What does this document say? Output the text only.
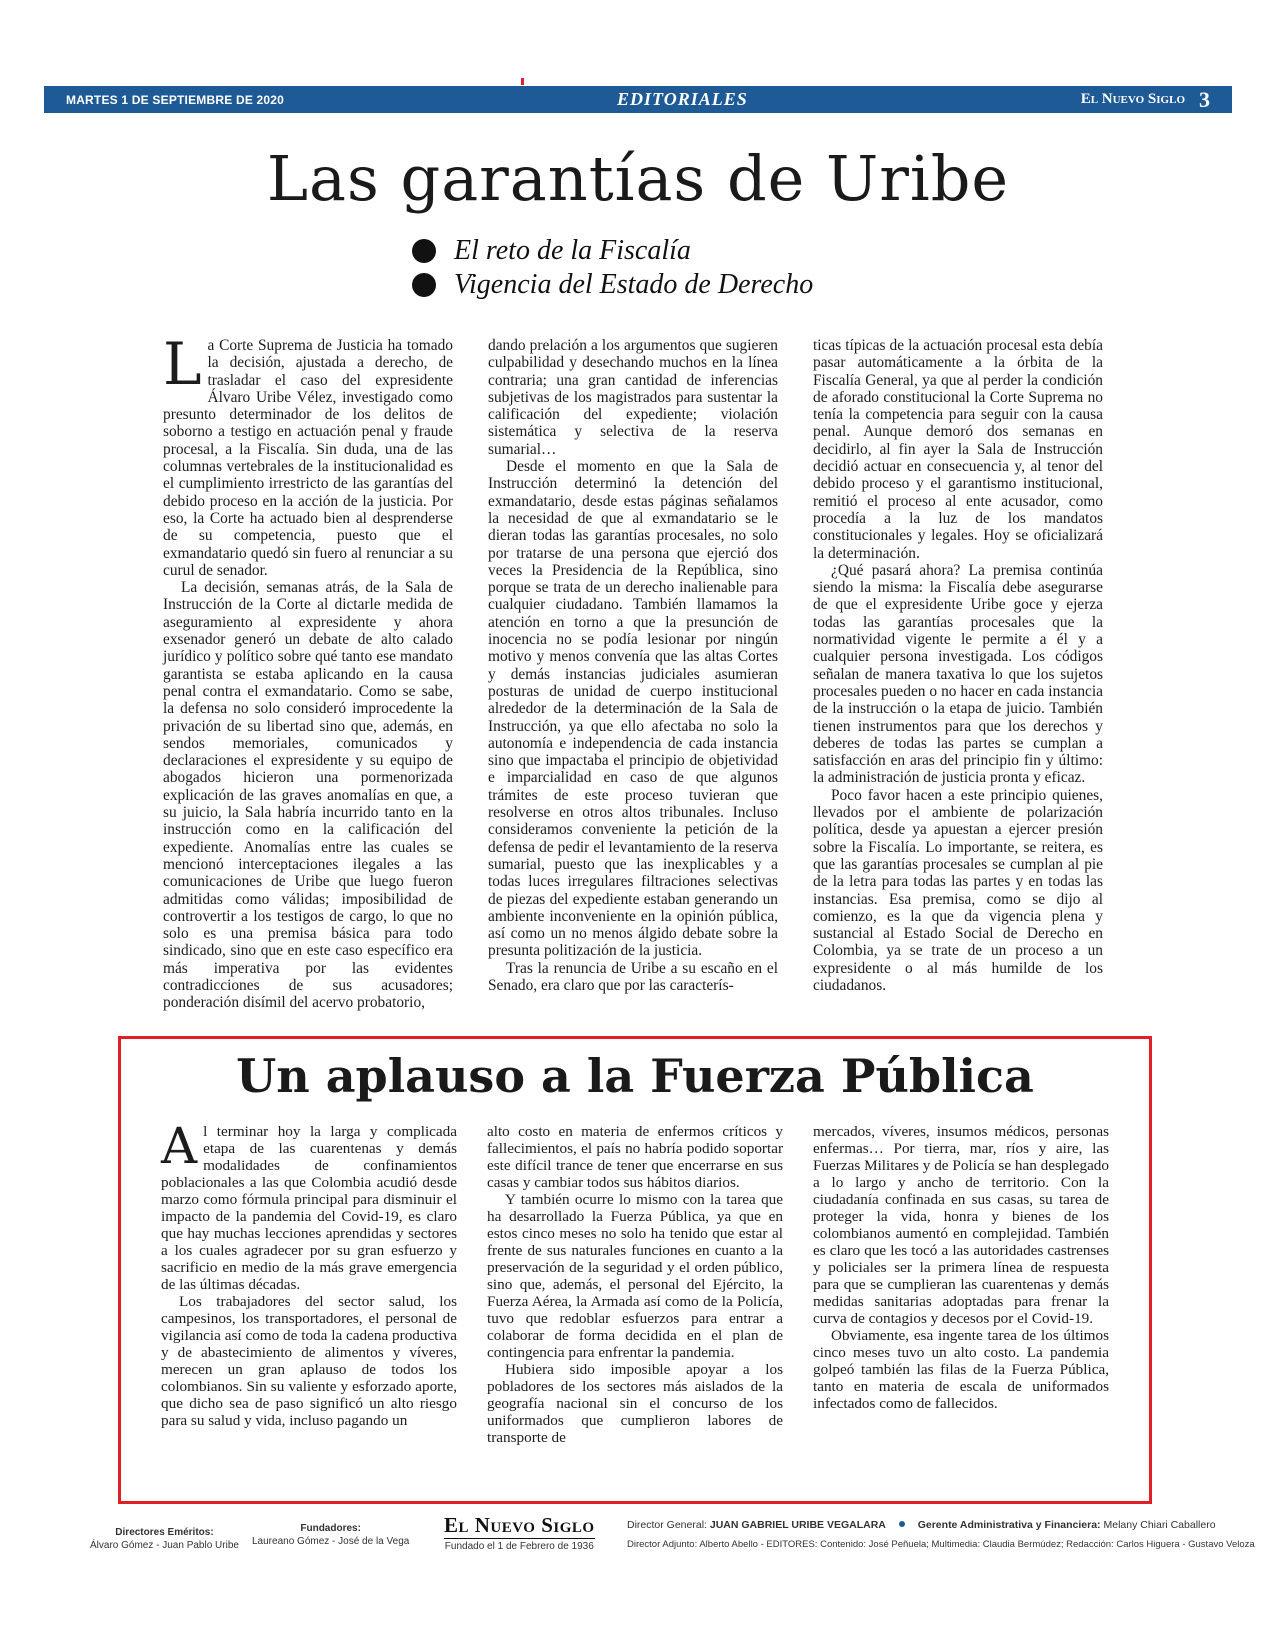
MARTES 1 DE SEPTIEMBRE DE 2020	EDITORIALES	El Nuevo Siglo 3
Las garantías de Uribe
El reto de la Fiscalía
Vigencia del Estado de Derecho

La Corte Suprema de Justicia ha tomado la decisión, ajustada a derecho, de trasladar el caso del expresidente Álvaro Uribe Vélez, investigado como presunto determinador de los delitos de soborno a testigo en actuación penal y fraude procesal, a la Fiscalía. Sin duda, una de las columnas vertebrales de la institucionalidad es el cumplimiento irrestricto de las garantías del debido proceso en la acción de la justicia. Por eso, la Corte ha actuado bien al desprenderse de su competencia, puesto que el exmandatario quedó sin fuero al renunciar a su curul de senador.

La decisión, semanas atrás, de la Sala de Instrucción de la Corte al dictarle medida de aseguramiento al expresidente y ahora exsenador generó un debate de alto calado jurídico y político sobre qué tanto ese mandato garantista se estaba aplicando en la causa penal contra el exmandatario. Como se sabe, la defensa no solo consideró improcedente la privación de su libertad sino que, además, en sendos memoriales, comunicados y declaraciones el expresidente y su equipo de abogados hicieron una pormenorizada explicación de las graves anomalías en que, a su juicio, la Sala habría incurrido tanto en la instrucción como en la calificación del expediente. Anomalías entre las cuales se mencionó interceptaciones ilegales a las comunicaciones de Uribe que luego fueron admitidas como válidas; imposibilidad de controvertir a los testigos de cargo, lo que no solo es una premisa básica para todo sindicado, sino que en este caso específico era más imperativa por las evidentes contradicciones de sus acusadores; ponderación disímil del acervo probatorio,

dando prelación a los argumentos que sugieren culpabilidad y desechando muchos en la línea contraria; una gran cantidad de inferencias subjetivas de los magistrados para sustentar la calificación del expediente; violación sistemática y selectiva de la reserva sumarial…

Desde el momento en que la Sala de Instrucción determinó la detención del exmandatario, desde estas páginas señalamos la necesidad de que al exmandatario se le dieran todas las garantías procesales, no solo por tratarse de una persona que ejerció dos veces la Presidencia de la República, sino porque se trata de un derecho inalienable para cualquier ciudadano. También llamamos la atención en torno a que la presunción de inocencia no se podía lesionar por ningún motivo y menos convenía que las altas Cortes y demás instancias judiciales asumieran posturas de unidad de cuerpo institucional alrededor de la determinación de la Sala de Instrucción, ya que ello afectaba no solo la autonomía e independencia de cada instancia sino que impactaba el principio de objetividad e imparcialidad en caso de que algunos trámites de este proceso tuvieran que resolverse en otros altos tribunales. Incluso consideramos conveniente la petición de la defensa de pedir el levantamiento de la reserva sumarial, puesto que las inexplicables y a todas luces irregulares filtraciones selectivas de piezas del expediente estaban generando un ambiente inconveniente en la opinión pública, así como un no menos álgido debate sobre la presunta politización de la justicia.

Tras la renuncia de Uribe a su escaño en el Senado, era claro que por las caracterís-

ticas típicas de la actuación procesal esta debía pasar automáticamente a la órbita de la Fiscalía General, ya que al perder la condición de aforado constitucional la Corte Suprema no tenía la competencia para seguir con la causa penal. Aunque demoró dos semanas en decidirlo, al fin ayer la Sala de Instrucción decidió actuar en consecuencia y, al tenor del debido proceso y el garantismo institucional, remitió el proceso al ente acusador, como procedía a la luz de los mandatos constitucionales y legales. Hoy se oficializará la determinación.

¿Qué pasará ahora? La premisa continúa siendo la misma: la Fiscalía debe asegurarse de que el expresidente Uribe goce y ejerza todas las garantías procesales que la normatividad vigente le permite a él y a cualquier persona investigada. Los códigos señalan de manera taxativa lo que los sujetos procesales pueden o no hacer en cada instancia de la instrucción o la etapa de juicio. También tienen instrumentos para que los derechos y deberes de todas las partes se cumplan a satisfacción en aras del principio fin y último: la administración de justicia pronta y eficaz.

Poco favor hacen a este principio quienes, llevados por el ambiente de polarización política, desde ya apuestan a ejercer presión sobre la Fiscalía. Lo importante, se reitera, es que las garantías procesales se cumplan al pie de la letra para todas las partes y en todas las instancias. Esa premisa, como se dijo al comienzo, es la que da vigencia plena y sustancial al Estado Social de Derecho en Colombia, ya se trate de un proceso a un expresidente o al más humilde de los ciudadanos.

Un aplauso a la Fuerza Pública

Al terminar hoy la larga y complicada etapa de las cuarentenas y demás modalidades de confinamientos poblacionales a las que Colombia acudió desde marzo como fórmula principal para disminuir el impacto de la pandemia del Covid-19, es claro que hay muchas lecciones aprendidas y sectores a los cuales agradecer por su gran esfuerzo y sacrificio en medio de la más grave emergencia de las últimas décadas.

Los trabajadores del sector salud, los campesinos, los transportadores, el personal de vigilancia así como de toda la cadena productiva y de abastecimiento de alimentos y víveres, merecen un gran aplauso de todos los colombianos. Sin su valiente y esforzado aporte, que dicho sea de paso significó un alto riesgo para su salud y vida, incluso pagando un

alto costo en materia de enfermos críticos y fallecimientos, el país no habría podido soportar este difícil trance de tener que encerrarse en sus casas y cambiar todos sus hábitos diarios.

Y también ocurre lo mismo con la tarea que ha desarrollado la Fuerza Pública, ya que en estos cinco meses no solo ha tenido que estar al frente de sus naturales funciones en cuanto a la preservación de la seguridad y el orden público, sino que, además, el personal del Ejército, la Fuerza Aérea, la Armada así como de la Policía, tuvo que redoblar esfuerzos para entrar a colaborar de forma decidida en el plan de contingencia para enfrentar la pandemia.

Hubiera sido imposible apoyar a los pobladores de los sectores más aislados de la geografía nacional sin el concurso de los uniformados que cumplieron labores de transporte de

mercados, víveres, insumos médicos, personas enfermas… Por tierra, mar, ríos y aire, las Fuerzas Militares y de Policía se han desplegado a lo largo y ancho de territorio. Con la ciudadanía confinada en sus casas, su tarea de proteger la vida, honra y bienes de los colombianos aumentó en complejidad. También es claro que les tocó a las autoridades castrenses y policiales ser la primera línea de respuesta para que se cumplieran las cuarentenas y demás medidas sanitarias adoptadas para frenar la curva de contagios y decesos por el Covid-19.

Obviamente, esa ingente tarea de los últimos cinco meses tuvo un alto costo. La pandemia golpeó también las filas de la Fuerza Pública, tanto en materia de escala de uniformados infectados como de fallecidos.

Directores Eméritos:
Álvaro Gómez - Juan Pablo Uribe
Fundadores:
Laureano Gómez - José de la Vega
El Nuevo Siglo
Fundado el 1 de Febrero de 1936
Director General: JUAN GABRIEL URIBE VEGALARA	Gerente Administrativa y Financiera: Melany Chiari Caballero
Director Adjunto: Alberto Abello - EDITORES: Contenido: José Peñuela; Multimedia: Claudia Bermúdez; Redacción: Carlos Higuera - Gustavo Veloza
